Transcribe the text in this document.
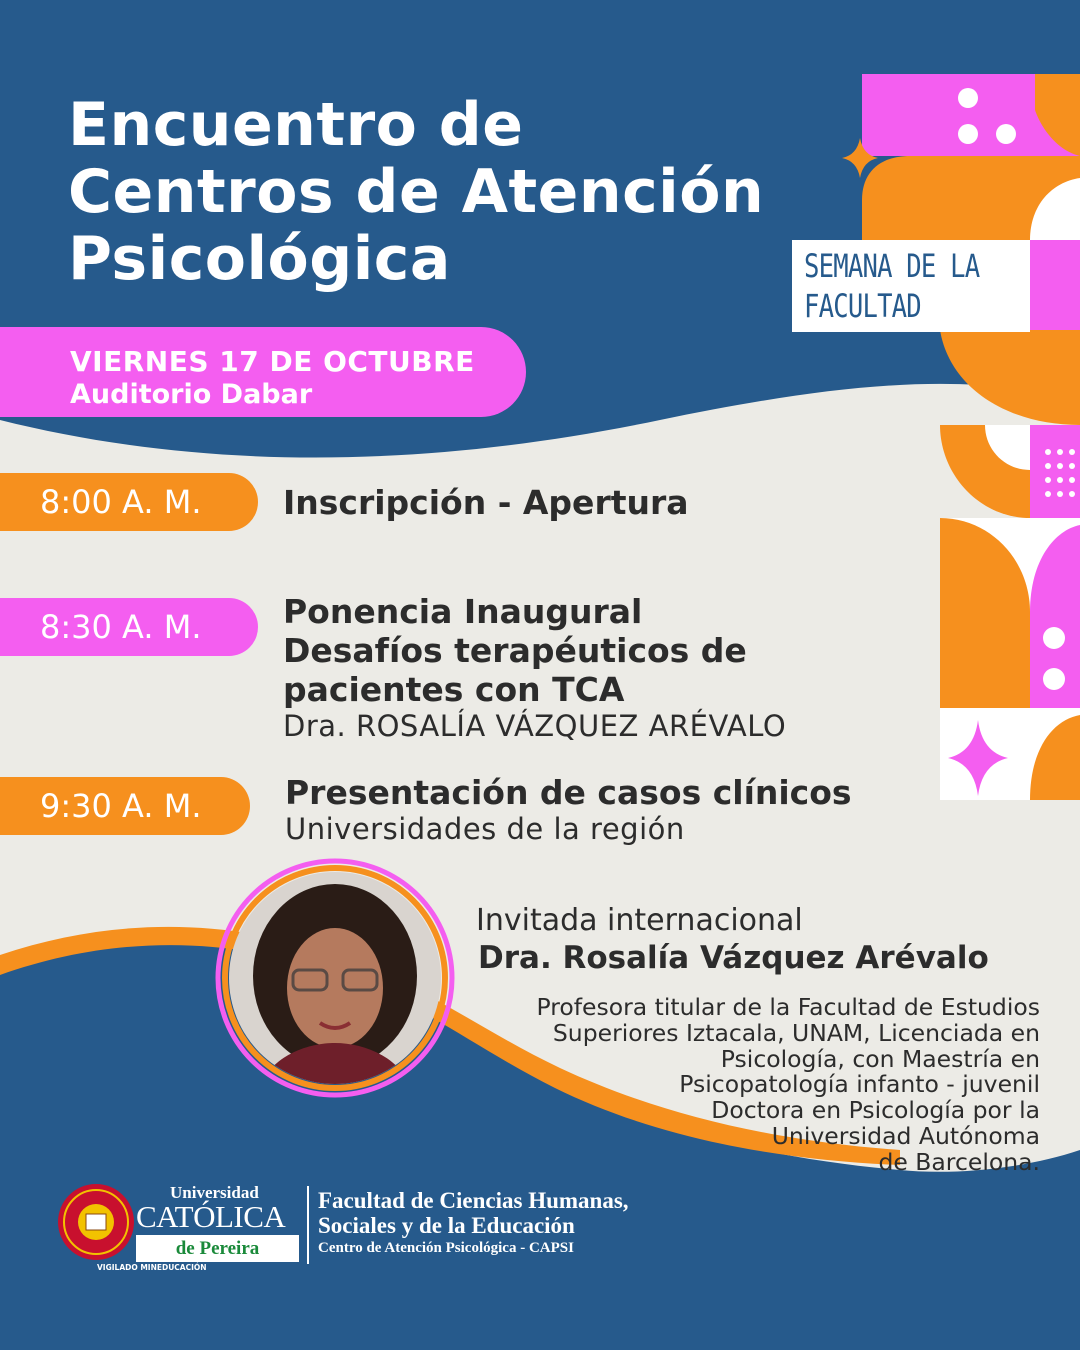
Encuentro de
Centros de Atención
Psicológica	SEMANA DE LA
FACULTAD
VIERNES 17 DE OCTUBRE
Auditorio Dabar
8:00 A. M.	Inscripción - Apertura
8:30 A. M.	Ponencia Inaugural
Desafíos terapéuticos de
pacientes con TCA
Dra. ROSALÍA VÁZQUEZ ARÉVALO
9:30 A. M.	Presentación de casos clínicos
Universidades de la región
Invitada internacional
Dra. Rosalía Vázquez Arévalo
Profesora titular de la Facultad de Estudios
Superiores Iztacala, UNAM, Licenciada en
Psicología, con Maestría en
Psicopatología infanto - juvenil
Doctora en Psicología por la
Universidad Autónoma
de Barcelona.
Universidad
CATÓLICA
de Pereira
VIGILADO MINEDUCACIÓN
Facultad de Ciencias Humanas,
Sociales y de la Educación
Centro de Atención Psicológica - CAPSI
